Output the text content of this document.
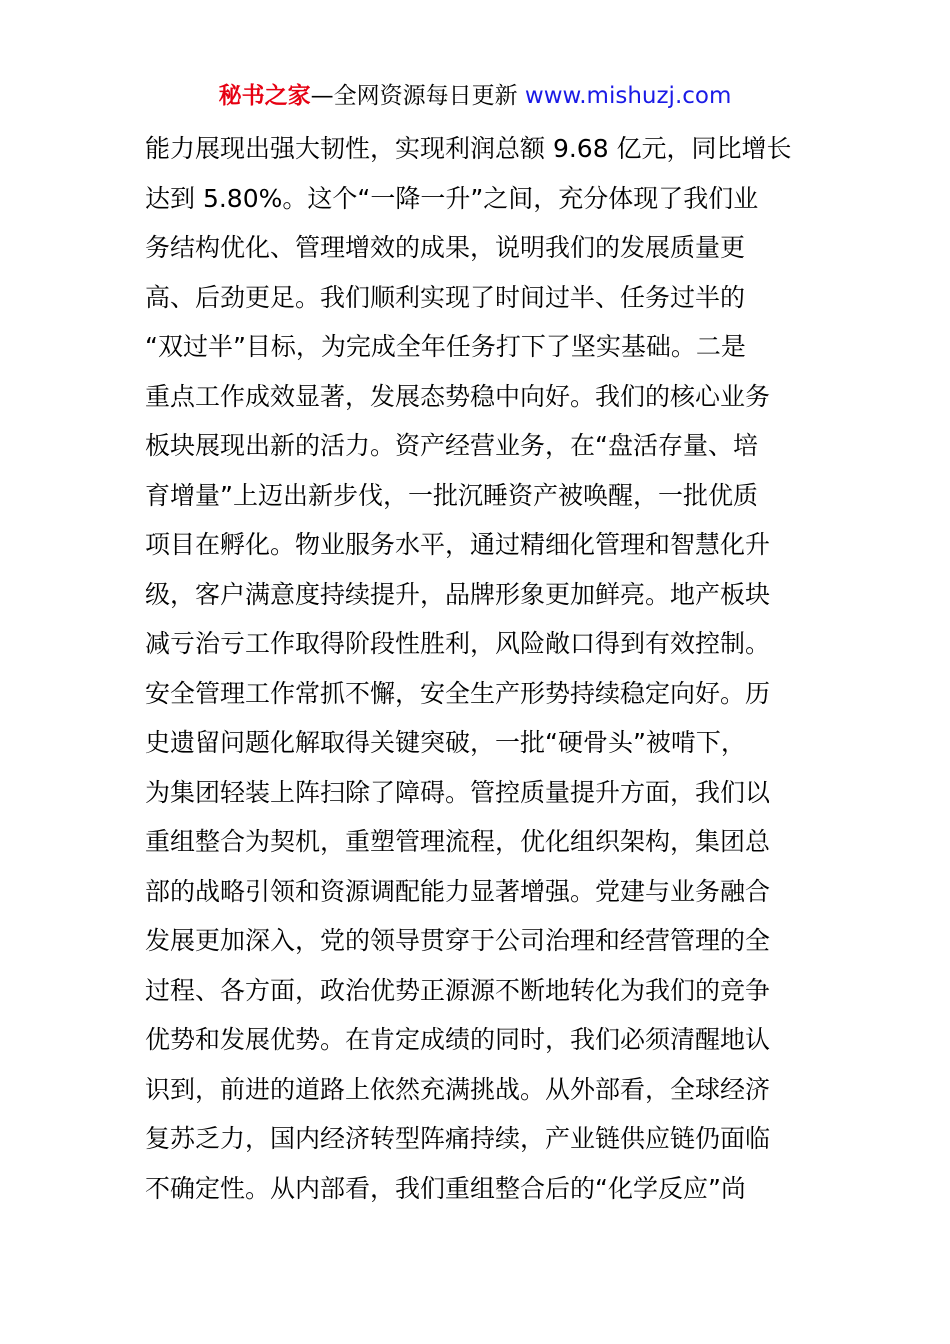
秘书之家—全网资源每日更新 www.mishuzj.com
能力展现出强大韧性，实现利润总额 9.68 亿元，同比增长
达到 5.80%。这个“一降一升”之间，充分体现了我们业
务结构优化、管理增效的成果，说明我们的发展质量更
高、后劲更足。我们顺利实现了时间过半、任务过半的
“双过半”目标，为完成全年任务打下了坚实基础。二是
重点工作成效显著，发展态势稳中向好。我们的核心业务
板块展现出新的活力。资产经营业务，在“盘活存量、培
育增量”上迈出新步伐，一批沉睡资产被唤醒，一批优质
项目在孵化。物业服务水平，通过精细化管理和智慧化升
级，客户满意度持续提升，品牌形象更加鲜亮。地产板块
减亏治亏工作取得阶段性胜利，风险敞口得到有效控制。
安全管理工作常抓不懈，安全生产形势持续稳定向好。历
史遗留问题化解取得关键突破，一批“硬骨头”被啃下，
为集团轻装上阵扫除了障碍。管控质量提升方面，我们以
重组整合为契机，重塑管理流程，优化组织架构，集团总
部的战略引领和资源调配能力显著增强。党建与业务融合
发展更加深入，党的领导贯穿于公司治理和经营管理的全
过程、各方面，政治优势正源源不断地转化为我们的竞争
优势和发展优势。在肯定成绩的同时，我们必须清醒地认
识到，前进的道路上依然充满挑战。从外部看，全球经济
复苏乏力，国内经济转型阵痛持续，产业链供应链仍面临
不确定性。从内部看，我们重组整合后的“化学反应”尚
